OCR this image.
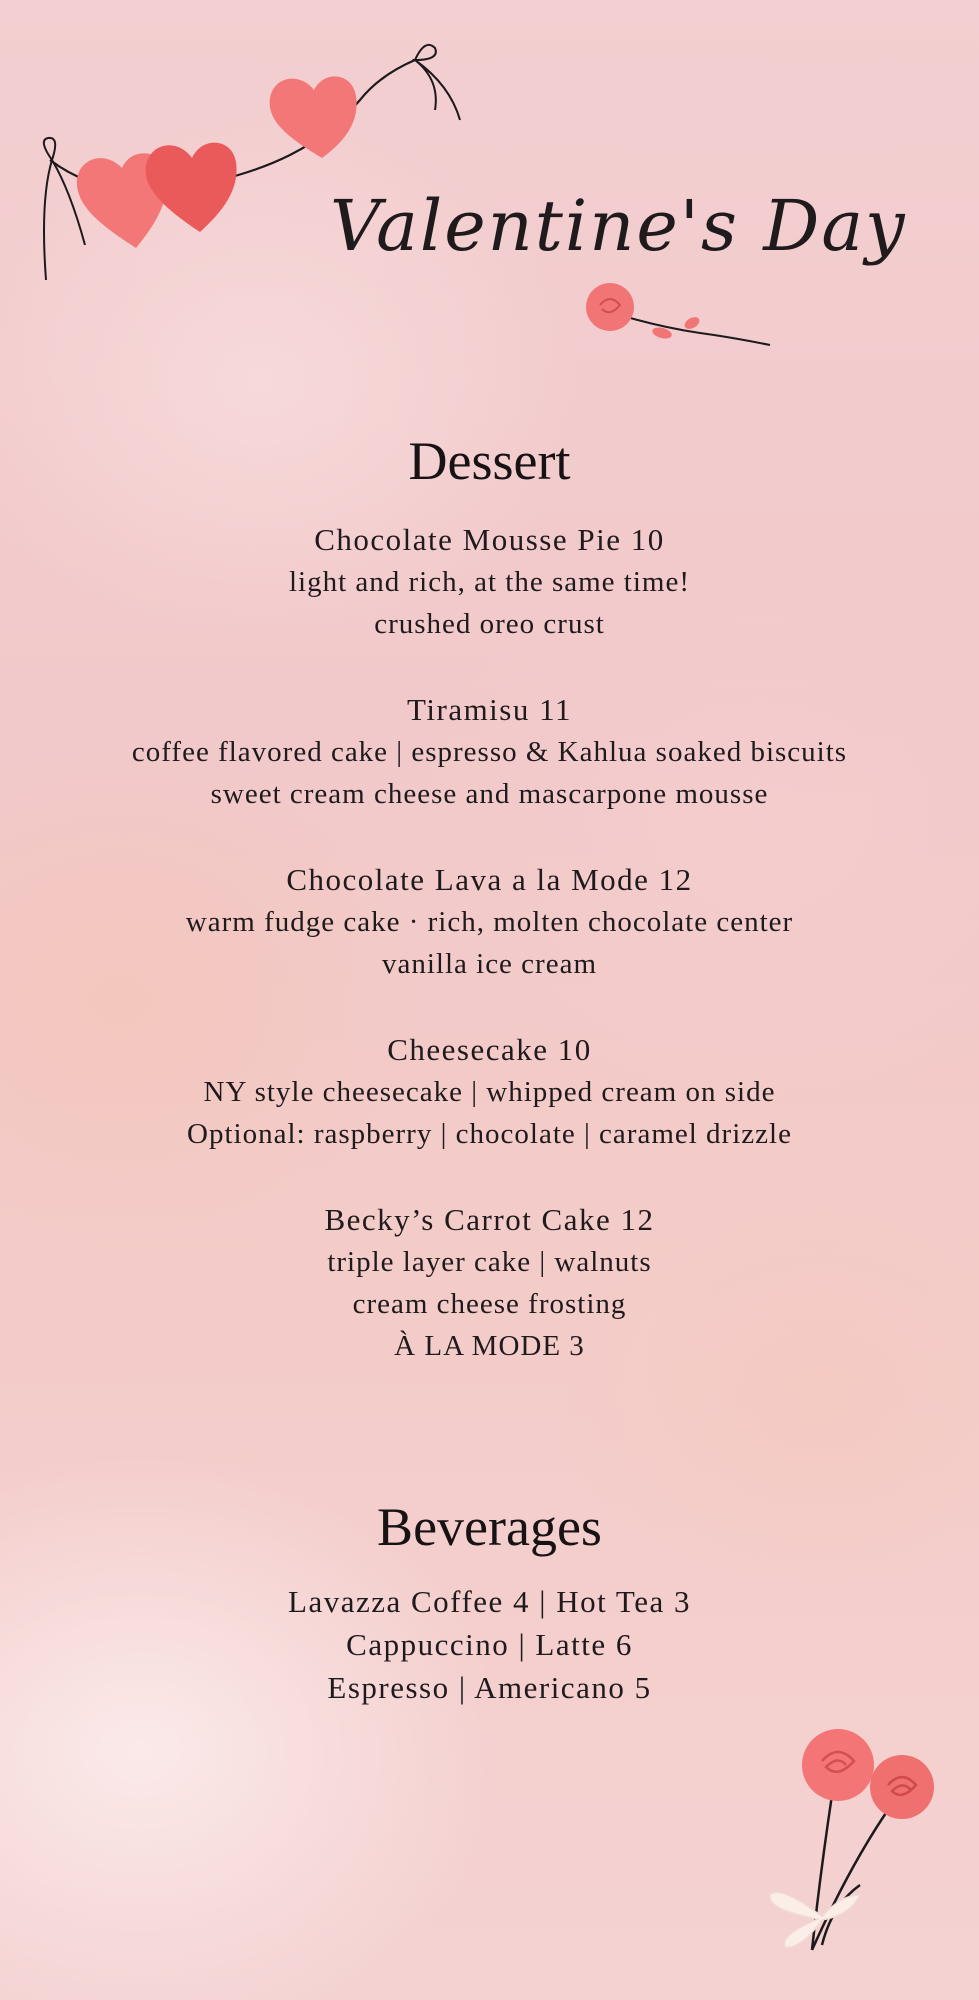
Valentine's Day
Dessert
Chocolate Mousse Pie 10
light and rich, at the same time!
crushed oreo crust
Tiramisu 11
coffee flavored cake | espresso & Kahlua soaked biscuits
sweet cream cheese and mascarpone mousse
Chocolate Lava a la Mode 12
warm fudge cake · rich, molten chocolate center
vanilla ice cream
Cheesecake 10
NY style cheesecake | whipped cream on side
Optional: raspberry | chocolate | caramel drizzle
Becky’s Carrot Cake 12
triple layer cake | walnuts
cream cheese frosting
À LA MODE 3
Beverages
Lavazza Coffee 4 | Hot Tea 3
Cappuccino | Latte 6
Espresso | Americano 5
